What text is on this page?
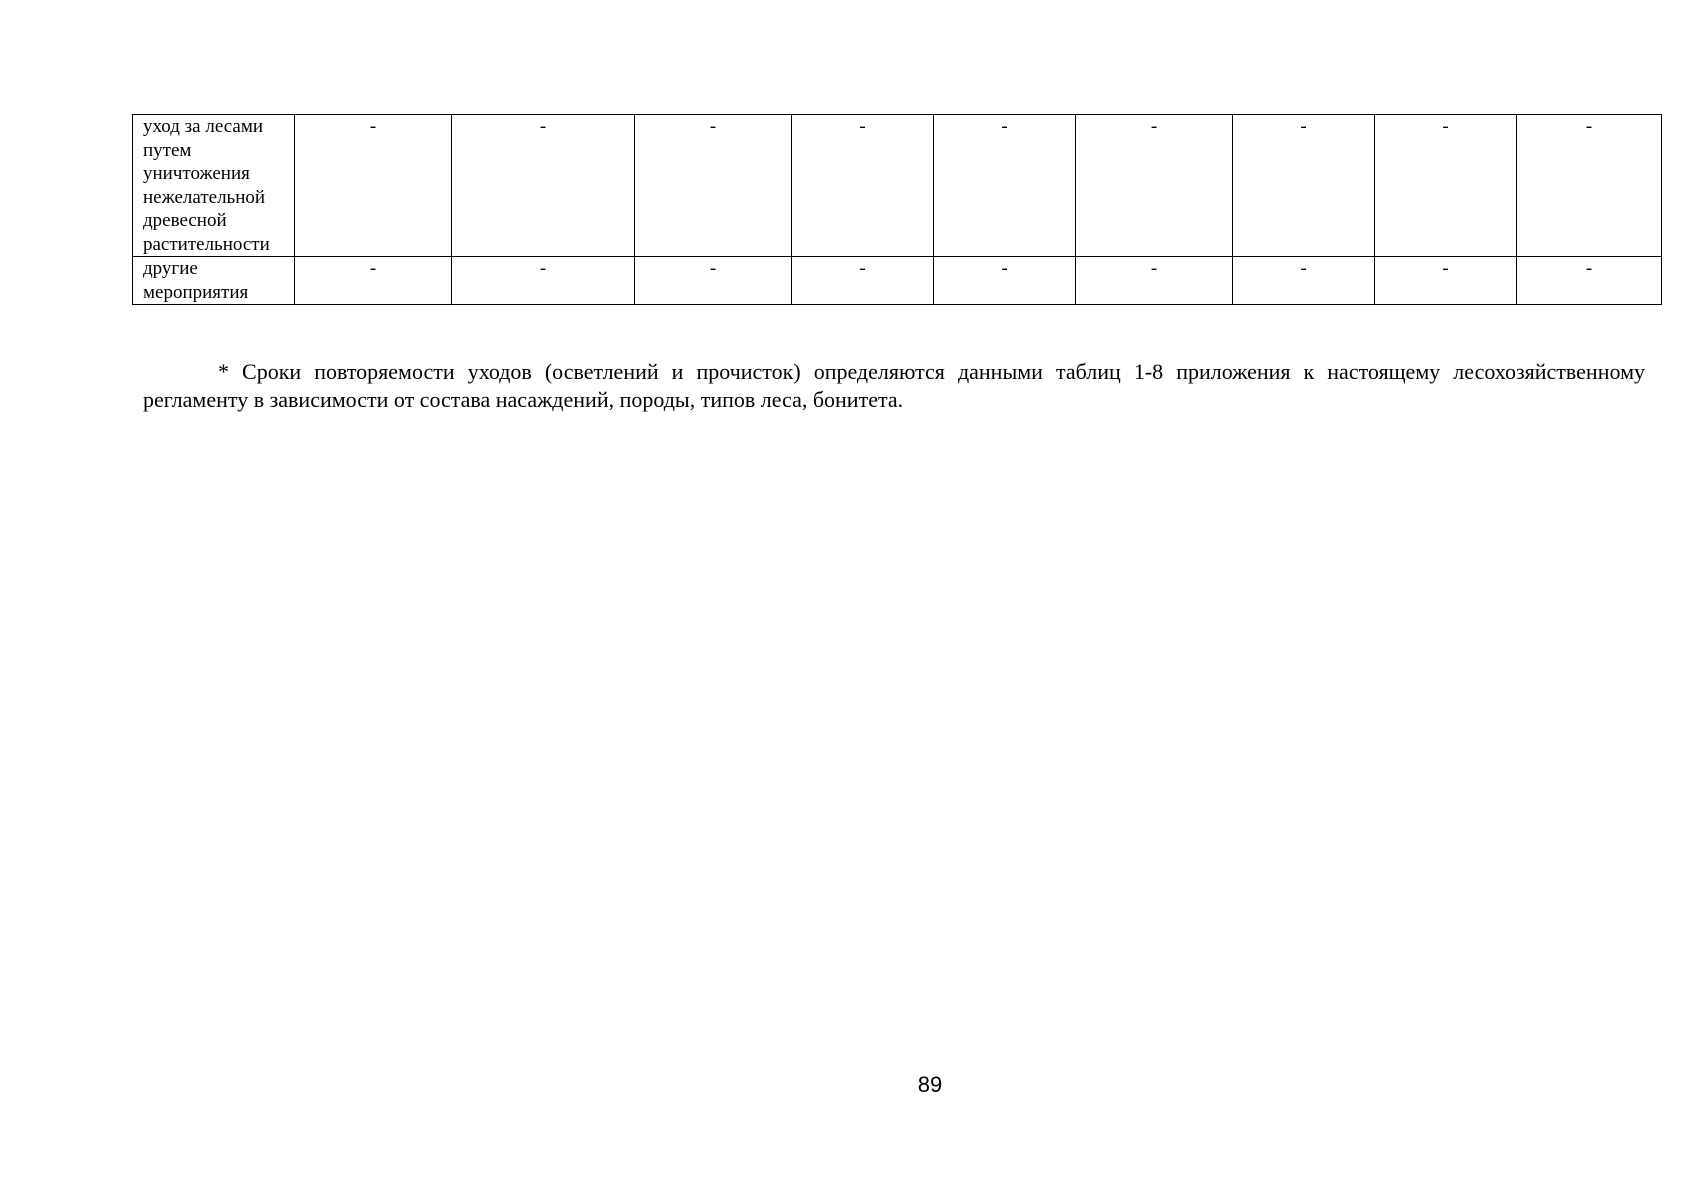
уход за лесами путем уничтожения нежелательной древесной растительности	-	-	-	-	-	-	-	-	-
другие мероприятия	-	-	-	-	-	-	-	-	-

* Сроки повторяемости уходов (осветлений и прочисток) определяются данными таблиц 1-8 приложения к настоящему лесохозяйственному регламенту в зависимости от состава насаждений, породы, типов леса, бонитета.

89
